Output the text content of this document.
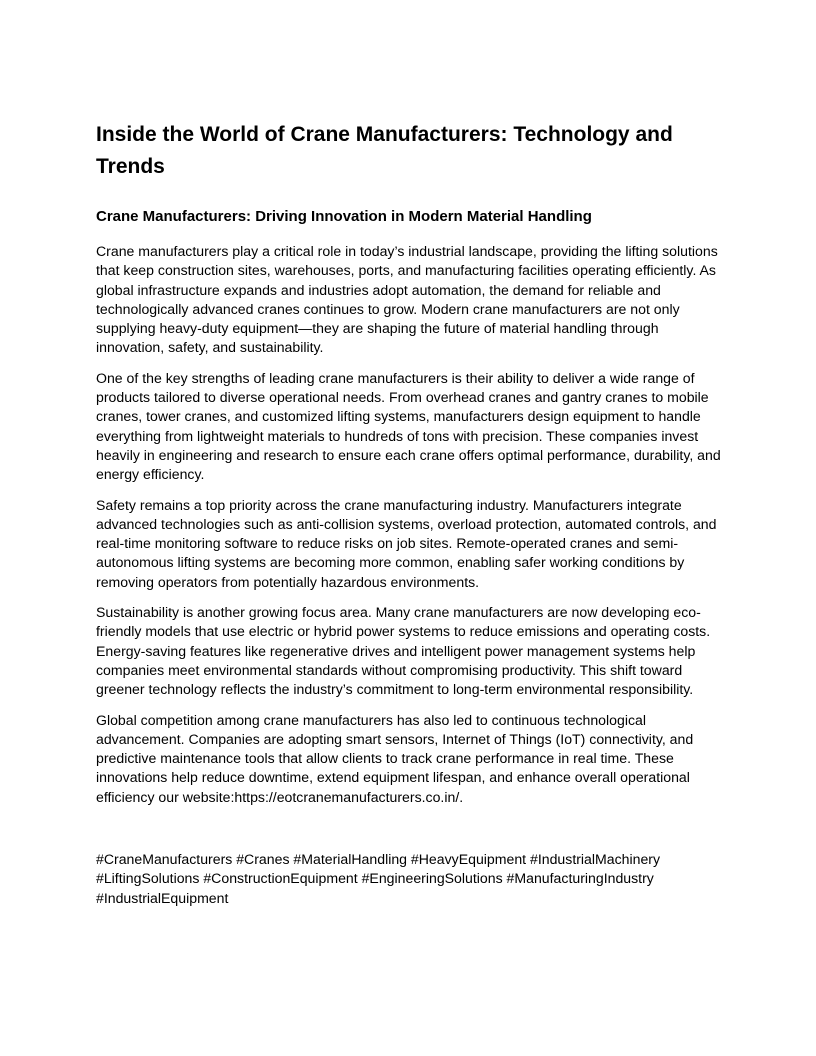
Inside the World of Crane Manufacturers: Technology and Trends
Crane Manufacturers: Driving Innovation in Modern Material Handling

Crane manufacturers play a critical role in today’s industrial landscape, providing the lifting solutions that keep construction sites, warehouses, ports, and manufacturing facilities operating efficiently. As global infrastructure expands and industries adopt automation, the demand for reliable and technologically advanced cranes continues to grow. Modern crane manufacturers are not only supplying heavy-duty equipment—they are shaping the future of material handling through innovation, safety, and sustainability.

One of the key strengths of leading crane manufacturers is their ability to deliver a wide range of products tailored to diverse operational needs. From overhead cranes and gantry cranes to mobile cranes, tower cranes, and customized lifting systems, manufacturers design equipment to handle everything from lightweight materials to hundreds of tons with precision. These companies invest heavily in engineering and research to ensure each crane offers optimal performance, durability, and energy efficiency.

Safety remains a top priority across the crane manufacturing industry. Manufacturers integrate advanced technologies such as anti-collision systems, overload protection, automated controls, and real-time monitoring software to reduce risks on job sites. Remote-operated cranes and semi-autonomous lifting systems are becoming more common, enabling safer working conditions by removing operators from potentially hazardous environments.

Sustainability is another growing focus area. Many crane manufacturers are now developing eco-friendly models that use electric or hybrid power systems to reduce emissions and operating costs. Energy-saving features like regenerative drives and intelligent power management systems help companies meet environmental standards without compromising productivity. This shift toward greener technology reflects the industry’s commitment to long-term environmental responsibility.

Global competition among crane manufacturers has also led to continuous technological advancement. Companies are adopting smart sensors, Internet of Things (IoT) connectivity, and predictive maintenance tools that allow clients to track crane performance in real time. These innovations help reduce downtime, extend equipment lifespan, and enhance overall operational efficiency our website:https://eotcranemanufacturers.co.in/.

#CraneManufacturers #Cranes #MaterialHandling #HeavyEquipment #IndustrialMachinery #LiftingSolutions #ConstructionEquipment #EngineeringSolutions #ManufacturingIndustry #IndustrialEquipment
